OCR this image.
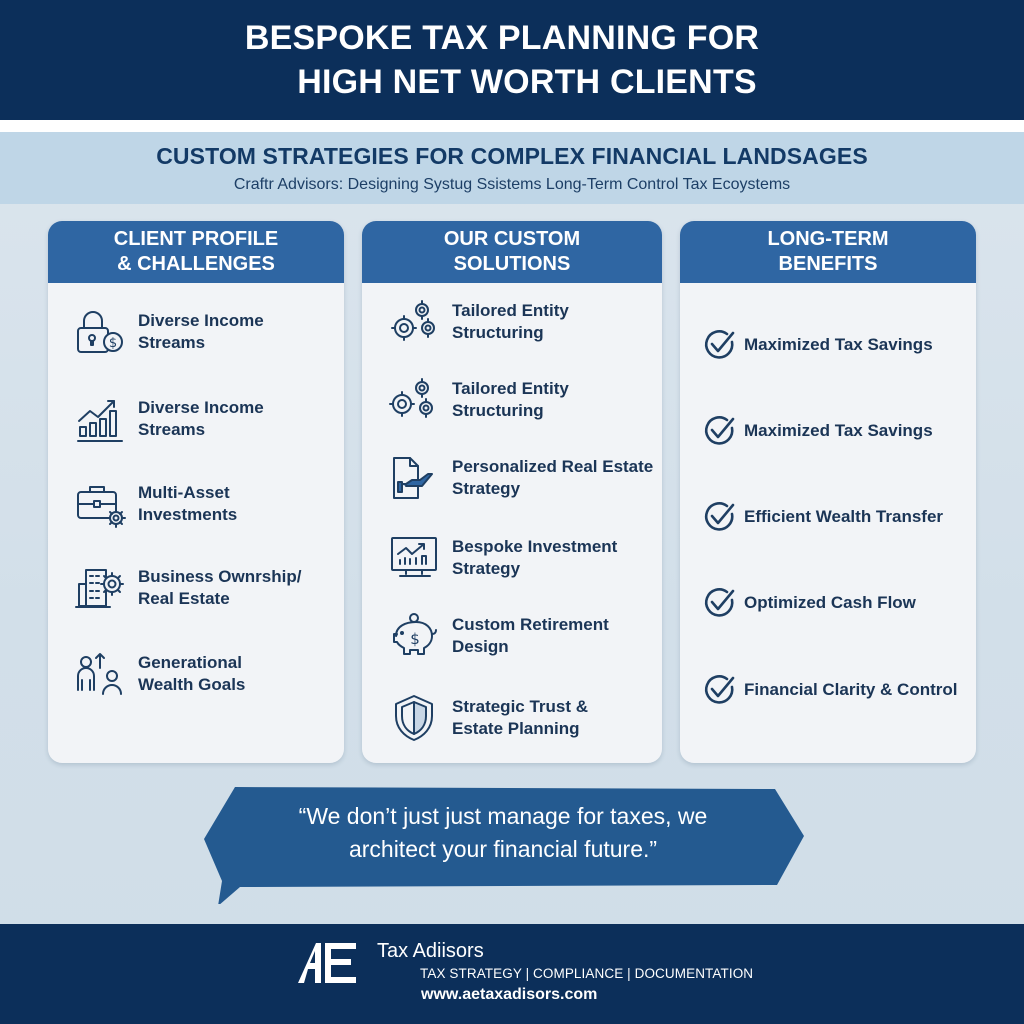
BESPOKE TAX PLANNING FOR
HIGH NET WORTH CLIENTS
CUSTOM STRATEGIES FOR COMPLEX FINANCIAL LANDSAGES
Craftr Advisors: Designing Systug Ssistems Long-Term Control Tax Ecoystems
CLIENT PROFILE
& CHALLENGES
$
Diverse Income
Streams
Diverse Income
Streams
Multi-Asset
Investments
Business Ownrship/
Real Estate
Generational
Wealth Goals
OUR CUSTOM
SOLUTIONS
Tailored Entity
Structuring
Tailored Entity
Structuring
Personalized Real Estate
Strategy
Bespoke Investment
Strategy
$
Custom Retirement
Design
Strategic Trust &
Estate Planning
LONG-TERM
BENEFITS
Maximized Tax Savings
Maximized Tax Savings
Efficient Wealth Transfer
Optimized Cash Flow
Financial Clarity & Control
“We don’t just just manage for taxes, we
architect your financial future.”
Tax Adiisors
TAX STRATEGY | COMPLIANCE | DOCUMENTATION
www.aetaxadisors.com
